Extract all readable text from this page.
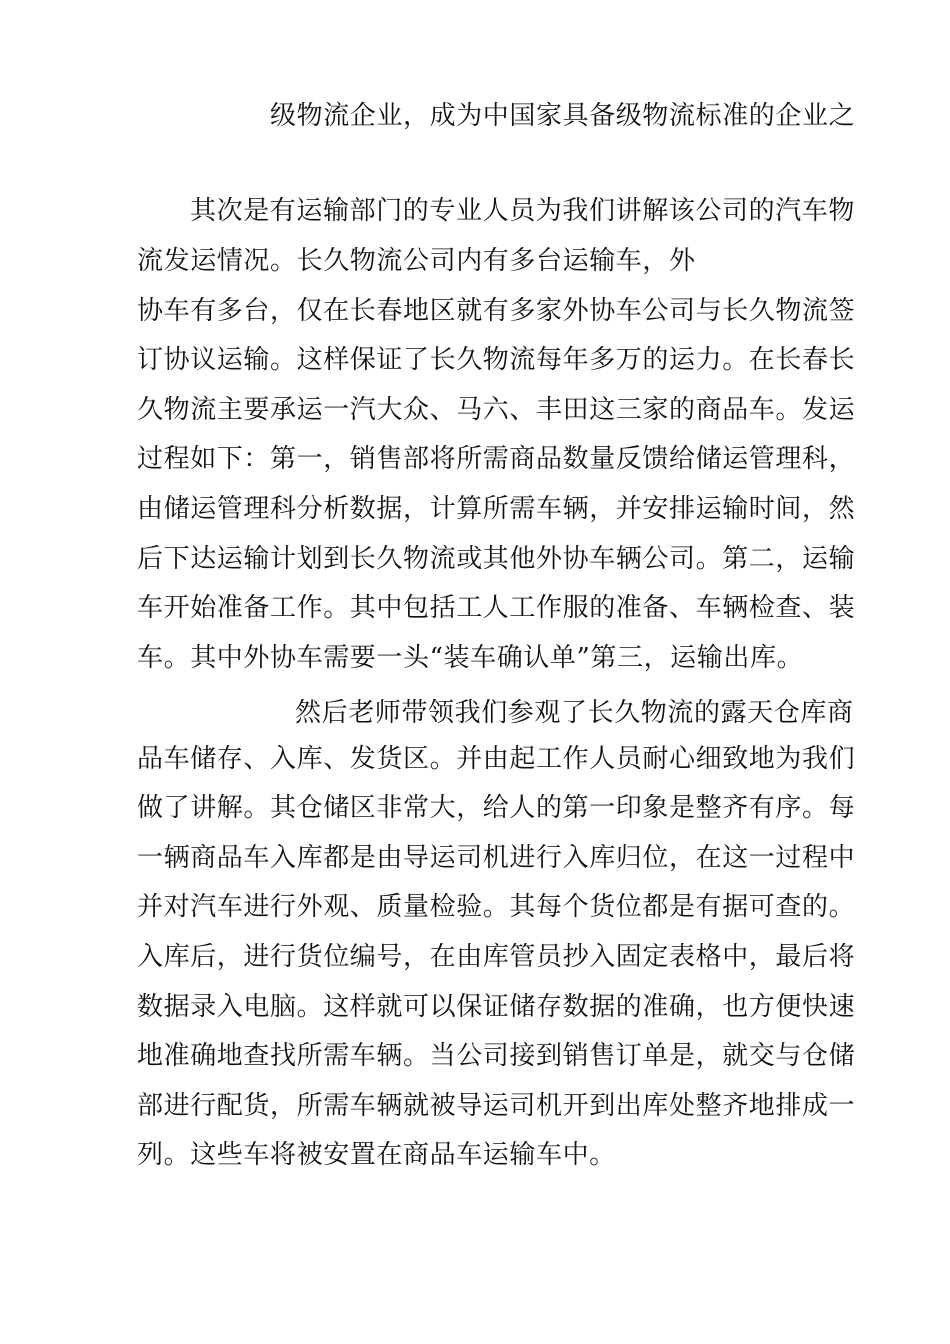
级物流企业，成为中国家具备级物流标准的企业之
其次是有运输部门的专业人员为我们讲解该公司的汽车物
流发运情况。长久物流公司内有多台运输车，外
协车有多台，仅在长春地区就有多家外协车公司与长久物流签
订协议运输。这样保证了长久物流每年多万的运力。在长春长
久物流主要承运一汽大众、马六、丰田这三家的商品车。发运
过程如下：第一，销售部将所需商品数量反馈给储运管理科，
由储运管理科分析数据，计算所需车辆，并安排运输时间，然
后下达运输计划到长久物流或其他外协车辆公司。第二，运输
车开始准备工作。其中包括工人工作服的准备、车辆检查、装
车。其中外协车需要一头“装车确认单”第三，运输出库。
然后老师带领我们参观了长久物流的露天仓库商
品车储存、入库、发货区。并由起工作人员耐心细致地为我们
做了讲解。其仓储区非常大，给人的第一印象是整齐有序。每
一辆商品车入库都是由导运司机进行入库归位，在这一过程中
并对汽车进行外观、质量检验。其每个货位都是有据可查的。
入库后，进行货位编号，在由库管员抄入固定表格中，最后将
数据录入电脑。这样就可以保证储存数据的准确，也方便快速
地准确地查找所需车辆。当公司接到销售订单是，就交与仓储
部进行配货，所需车辆就被导运司机开到出库处整齐地排成一
列。这些车将被安置在商品车运输车中。
